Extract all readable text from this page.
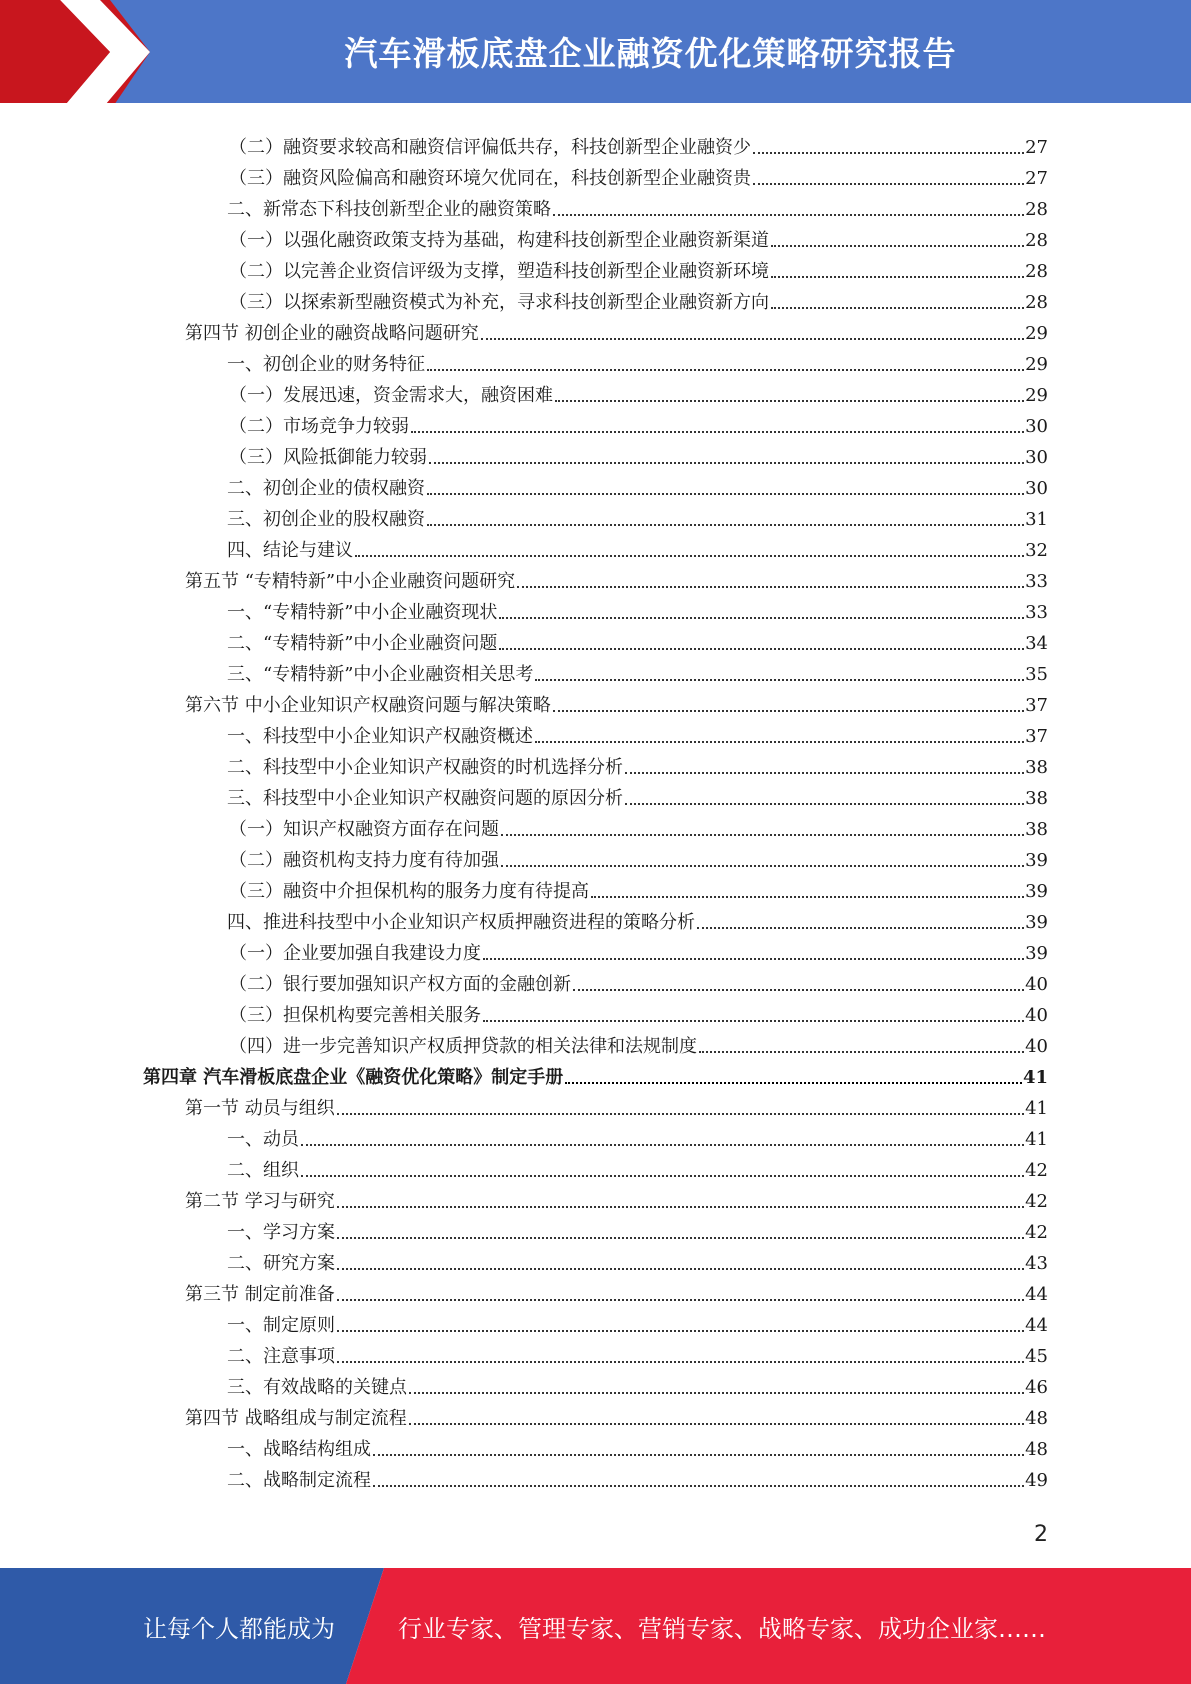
汽车滑板底盘企业融资优化策略研究报告
（二）融资要求较高和融资信评偏低共存，科技创新型企业融资少	27
（三）融资风险偏高和融资环境欠优同在，科技创新型企业融资贵	27
二、新常态下科技创新型企业的融资策略	28
（一）以强化融资政策支持为基础，构建科技创新型企业融资新渠道	28
（二）以完善企业资信评级为支撑，塑造科技创新型企业融资新环境	28
（三）以探索新型融资模式为补充，寻求科技创新型企业融资新方向	28
第四节 初创企业的融资战略问题研究	29
一、初创企业的财务特征	29
（一）发展迅速，资金需求大，融资困难	29
（二）市场竞争力较弱	30
（三）风险抵御能力较弱	30
二、初创企业的债权融资	30
三、初创企业的股权融资	31
四、结论与建议	32
第五节 “专精特新”中小企业融资问题研究	33
一、“专精特新”中小企业融资现状	33
二、“专精特新”中小企业融资问题	34
三、“专精特新”中小企业融资相关思考	35
第六节 中小企业知识产权融资问题与解决策略	37
一、科技型中小企业知识产权融资概述	37
二、科技型中小企业知识产权融资的时机选择分析	38
三、科技型中小企业知识产权融资问题的原因分析	38
（一）知识产权融资方面存在问题	38
（二）融资机构支持力度有待加强	39
（三）融资中介担保机构的服务力度有待提高	39
四、推进科技型中小企业知识产权质押融资进程的策略分析	39
（一）企业要加强自我建设力度	39
（二）银行要加强知识产权方面的金融创新	40
（三）担保机构要完善相关服务	40
（四）进一步完善知识产权质押贷款的相关法律和法规制度	40
第四章 汽车滑板底盘企业《融资优化策略》制定手册	41
第一节 动员与组织	41
一、动员	41
二、组织	42
第二节 学习与研究	42
一、学习方案	42
二、研究方案	43
第三节 制定前准备	44
一、制定原则	44
二、注意事项	45
三、有效战略的关键点	46
第四节 战略组成与制定流程	48
一、战略结构组成	48
二、战略制定流程	49
2
让每个人都能成为	行业专家、管理专家、营销专家、战略专家、成功企业家……
